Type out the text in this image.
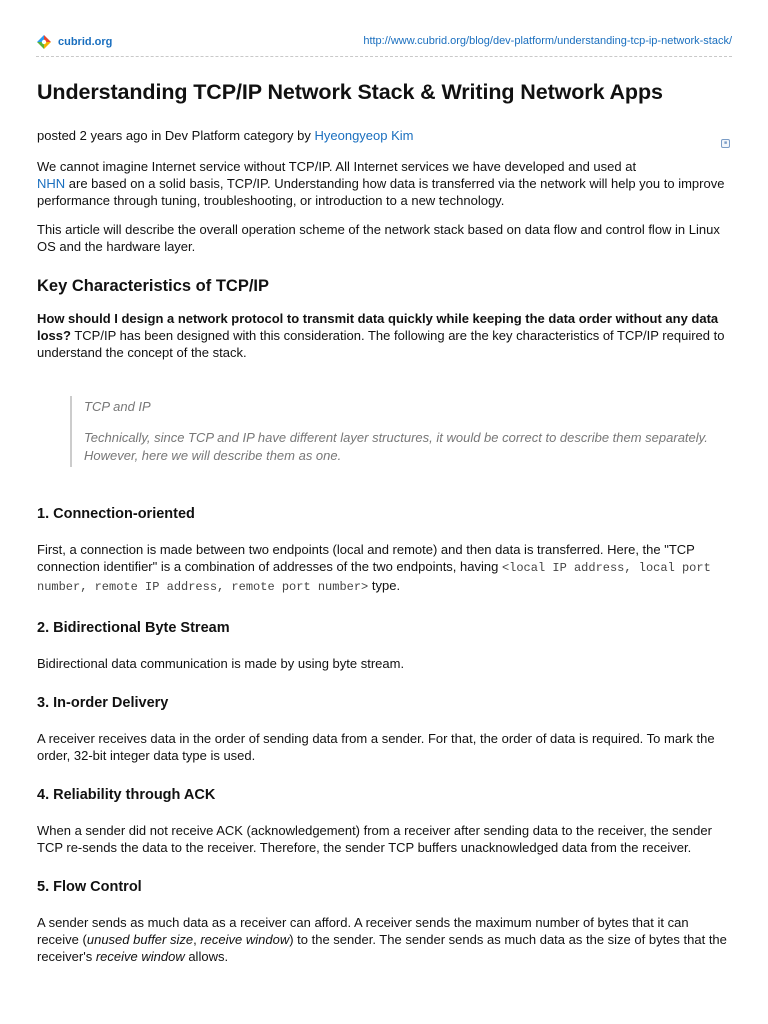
cubrid.org	http://www.cubrid.org/blog/dev-platform/understanding-tcp-ip-network-stack/
Understanding TCP/IP Network Stack & Writing Network Apps
posted 2 years ago in Dev Platform category by Hyeongyeop Kim	■

We cannot imagine Internet service without TCP/IP. All Internet services we have developed and used at
NHN are based on a solid basis, TCP/IP. Understanding how data is transferred via the network will help you to improve performance through tuning, troubleshooting, or introduction to a new technology.

This article will describe the overall operation scheme of the network stack based on data flow and control flow in Linux OS and the hardware layer.

Key Characteristics of TCP/IP

How should I design a network protocol to transmit data quickly while keeping the data order without any data loss? TCP/IP has been designed with this consideration. The following are the key characteristics of TCP/IP required to understand the concept of the stack.

TCP and IP
Technically, since TCP and IP have different layer structures, it would be correct to describe them separately. However, here we will describe them as one.
1. Connection-oriented

First, a connection is made between two endpoints (local and remote) and then data is transferred. Here, the "TCP connection identifier" is a combination of addresses of the two endpoints, having <local IP address, local port number, remote IP address, remote port number> type.

2. Bidirectional Byte Stream

Bidirectional data communication is made by using byte stream.

3. In-order Delivery

A receiver receives data in the order of sending data from a sender. For that, the order of data is required. To mark the order, 32-bit integer data type is used.

4. Reliability through ACK

When a sender did not receive ACK (acknowledgement) from a receiver after sending data to the receiver, the sender TCP re-sends the data to the receiver. Therefore, the sender TCP buffers unacknowledged data from the receiver.

5. Flow Control

A sender sends as much data as a receiver can afford. A receiver sends the maximum number of bytes that it can receive (unused buffer size, receive window) to the sender. The sender sends as much data as the size of bytes that the receiver's receive window allows.
